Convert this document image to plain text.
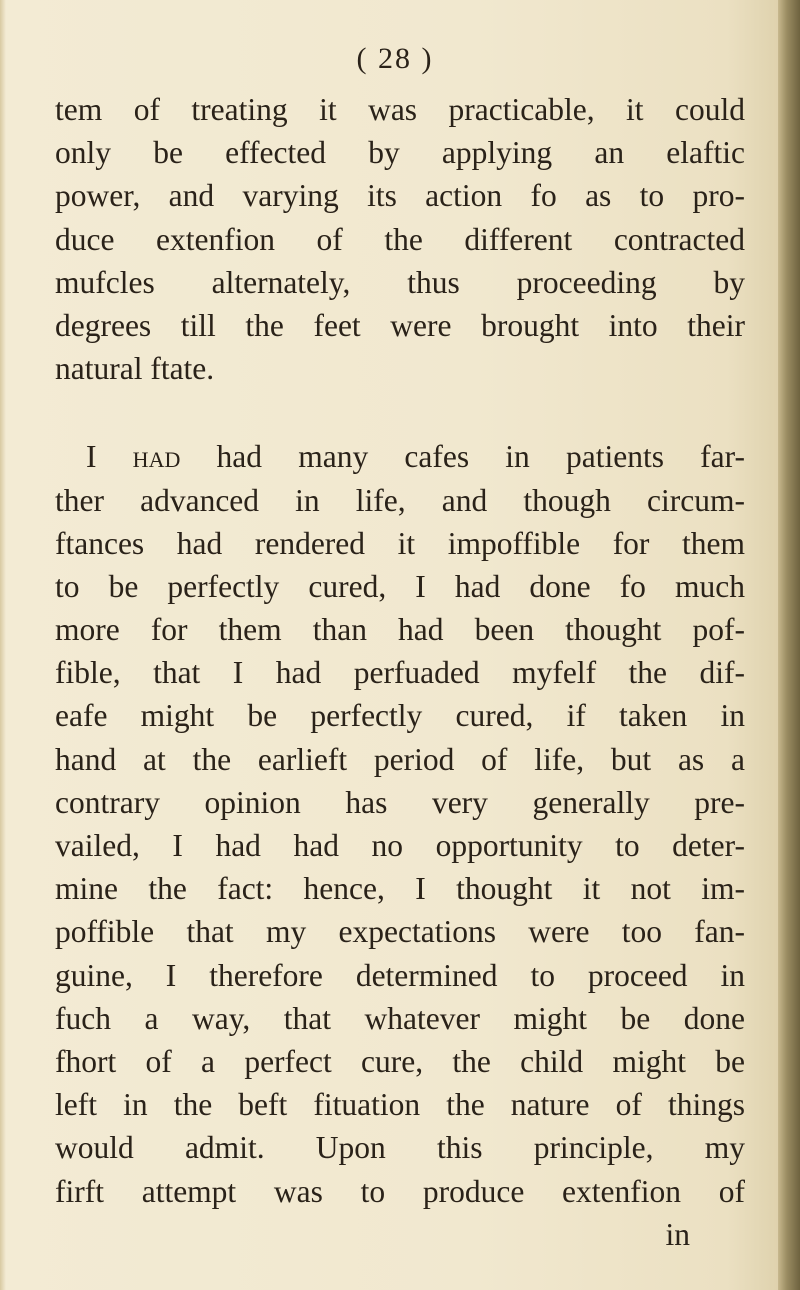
( 28 )
tem of treating it was practicable, it could
only be effected by applying an elaftic
power, and varying its action fo as to pro-
duce extenfion of the different contracted
mufcles alternately, thus proceeding by
degrees till the feet were brought into their
natural ftate.
I had had many cafes in patients far-
ther advanced in life, and though circum-
ftances had rendered it impoffible for them
to be perfectly cured, I had done fo much
more for them than had been thought pof-
fible, that I had perfuaded myfelf the dif-
eafe might be perfectly cured, if taken in
hand at the earlieft period of life, but as a
contrary opinion has very generally pre-
vailed, I had had no opportunity to deter-
mine the fact: hence, I thought it not im-
poffible that my expectations were too fan-
guine, I therefore determined to proceed in
fuch a way, that whatever might be done
fhort of a perfect cure, the child might be
left in the beft fituation the nature of things
would admit. Upon this principle, my
firft attempt was to produce extenfion of
in
